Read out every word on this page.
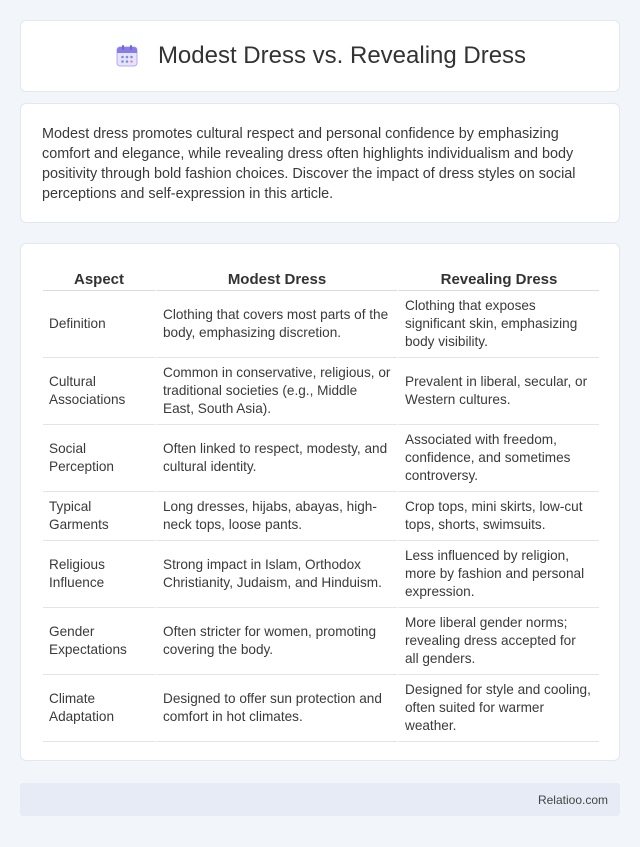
Modest Dress vs. Revealing Dress

Modest dress promotes cultural respect and personal confidence by emphasizing comfort and elegance, while revealing dress often highlights individualism and body positivity through bold fashion choices. Discover the impact of dress styles on social perceptions and self-expression in this article.

Aspect	Modest Dress	Revealing Dress
Definition	Clothing that covers most parts of the body, emphasizing discretion.	Clothing that exposes significant skin, emphasizing body visibility.
Cultural Associations	Common in conservative, religious, or traditional societies (e.g., Middle East, South Asia).	Prevalent in liberal, secular, or Western cultures.
Social Perception	Often linked to respect, modesty, and cultural identity.	Associated with freedom, confidence, and sometimes controversy.
Typical Garments	Long dresses, hijabs, abayas, high-neck tops, loose pants.	Crop tops, mini skirts, low-cut tops, shorts, swimsuits.
Religious Influence	Strong impact in Islam, Orthodox Christianity, Judaism, and Hinduism.	Less influenced by religion, more by fashion and personal expression.
Gender Expectations	Often stricter for women, promoting covering the body.	More liberal gender norms; revealing dress accepted for all genders.
Climate Adaptation	Designed to offer sun protection and comfort in hot climates.	Designed for style and cooling, often suited for warmer weather.
Relatioo.com
